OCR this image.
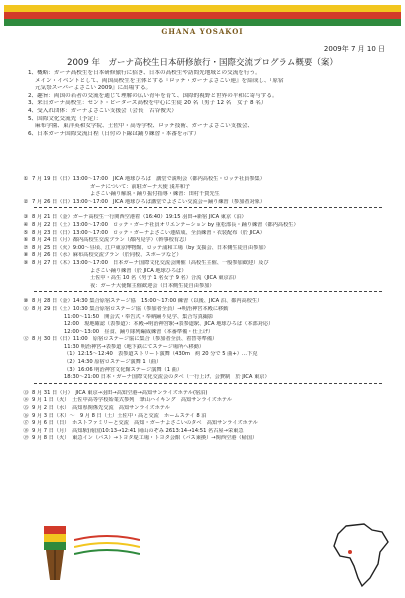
GHANA YOSAKOI
2009年 7 月 10 日
2009 年　ガーナ高校生日本研修旅行・国際交流プログラム概要（案）
1、概略：ガーナ高校生を日本研修旅行に招き、日本の高校生や訪問先地域との交流を行う。
メイン・イベントとして、両国高校生を主体とする『ロッテ・ガーナよさこい連』を結成し、『原宿
元気祭スーパーよさこい 2009』に出場する。
2、趣旨：両国の若者の交流を通じて理解の広い青年を育て、国際的視野と世界の平和に寄与する。
3、来日ガーナ高校生：セント・ピーターズ高校を中心に生徒 20 名（男子 12 名　女子 8 名）
4、受入れ団体：ガーナよさこい支援会（会長　古谷俊夫）
5、国際文化交流先（予定）：
麻布学園、東洋英和女学院、土佐中・高等学校、ロッテ技術、ガーナよさこい支援会、
6、日本ガーナ国際交流日程（日付の下線は踊り練習・本番を示す）
① 7 月 19 日（日）13:00〜17:00　JICA 地球ひろば　講堂で説明会（都内高校生・ロッテ社員参集）
ガーナについて：前駐ガーナ大使 浅井和子
よさこい踊り解説・踊り振付指導・練習：田村千賀先生
② 7 月 26 日（日）13:00〜17:00　JICA 地球ひろば講堂でよさこい交流会＝踊り練習（参加者対象）
③ 8 月 21 日（金）ガーナ高校生一行関西空港着（16:40）19:15 羽田→新宿 JICA 東京（泊）
④ 8 月 22 日（土）13:00〜17:00　ロッテ・ガーナ社員オリエンテーション by 重松部長・踊り練習（都内高校生）
⑤ 8 月 23 日（日）13:00〜17:00　ロッテ・ガーナよさこい連結成、全員練習・衣装配布（於 JICA）
⑥ 8 月 24 日（月）都内高校生交流プラン（都内見学）（幹事校有志）
⑦ 8 月 25 日（火）9:00〜昼頃、江戸東京博物館、ロッテ浦和工場（by 支援会、日本側生徒自由参加）
⑧ 8 月 26 日（水）麻布高校交流プラン（於同校、スポーツなど）
⑨ 8 月 27 日（木）13:00〜17:00　日本ガーナ国際文化交流会開催（高校生主催、一般参加歓迎）及び
よさこい踊り練習（於 JICA 地球ひろば）
土佐中・高生 10 名（男子 1 名女子 9 名）合流（JICA 東京泊）
夜：ガーナ大使館主催歓迎会（日本側生徒自由参加）
⑩ 8 月 28 日（金）14:30 集合原宿ステージ協　15:00〜17:00 練習（以後、JICA 泊、都内高校生）
⑪ 8 月 29 日（土）10:30 集合原宿ロステージ協（参加者全員）→明治神宮本殿に移動
11:00〜11:50　開会式・奉告式・奉納踊り見学、集合写真撮影
12:00　現地確認（表参道）：本殿→明治神宮駅→表参道駅、JICA 地球ひろば（本部対応）
12:00〜13:00　昼食、踊り隊列編成練習（本番準備・仕上げ）
⑫ 8 月 30 日（日）11:00　原宿ロステージ協に集合（参加者全員、着替等準備）
11:30 明治神宮→表参道（地下鉄にてステージ場所へ移動）
（1）12:15〜12:40　表参道ストリート演舞（430m　約 20 分で 5 曲+）…下克
（2）14:30 原宿ロステージ演舞 1（曲）
（3）16:06 明治神宮文化館ステージ演舞（1 曲）
18:30〜21:00 日本・ガーナ国際文化交流会のタベ（一行上げ、会費制　於 JICA 東京）
⑬ 8 月 31 日（月）　JICA 東京→羽田→高知空港→高知サンライズホテル(宿泊)
⑭ 9 月 1 日（火）　土佐中高等学校始業式参列　筆山ハイキング　高知サンライズホテル
⑮ 9 月 2 日（水）　高知県関係先交流　高知サンライズホテル
⑯ 9 月 3 日（木）〜　9 月 8 日（土）土佐中・高と交流　ホームステイ 8 泊
⑰ 9 月 6 日（日）　ホストファミリーと交流　高知・ガーナよさこいのタベ　高知サンライズホテル
⑱ 9 月 7 日（月）　高知駅(南国)10:13→12:41 岡山のぞみ 2613:14→14:51 名古屋→栄東急
⑲ 9 月 8 日（火）　東急イン（バス）→トヨタ堤工場・トヨタ会館（バス乗換）→関西空港（帰国）
